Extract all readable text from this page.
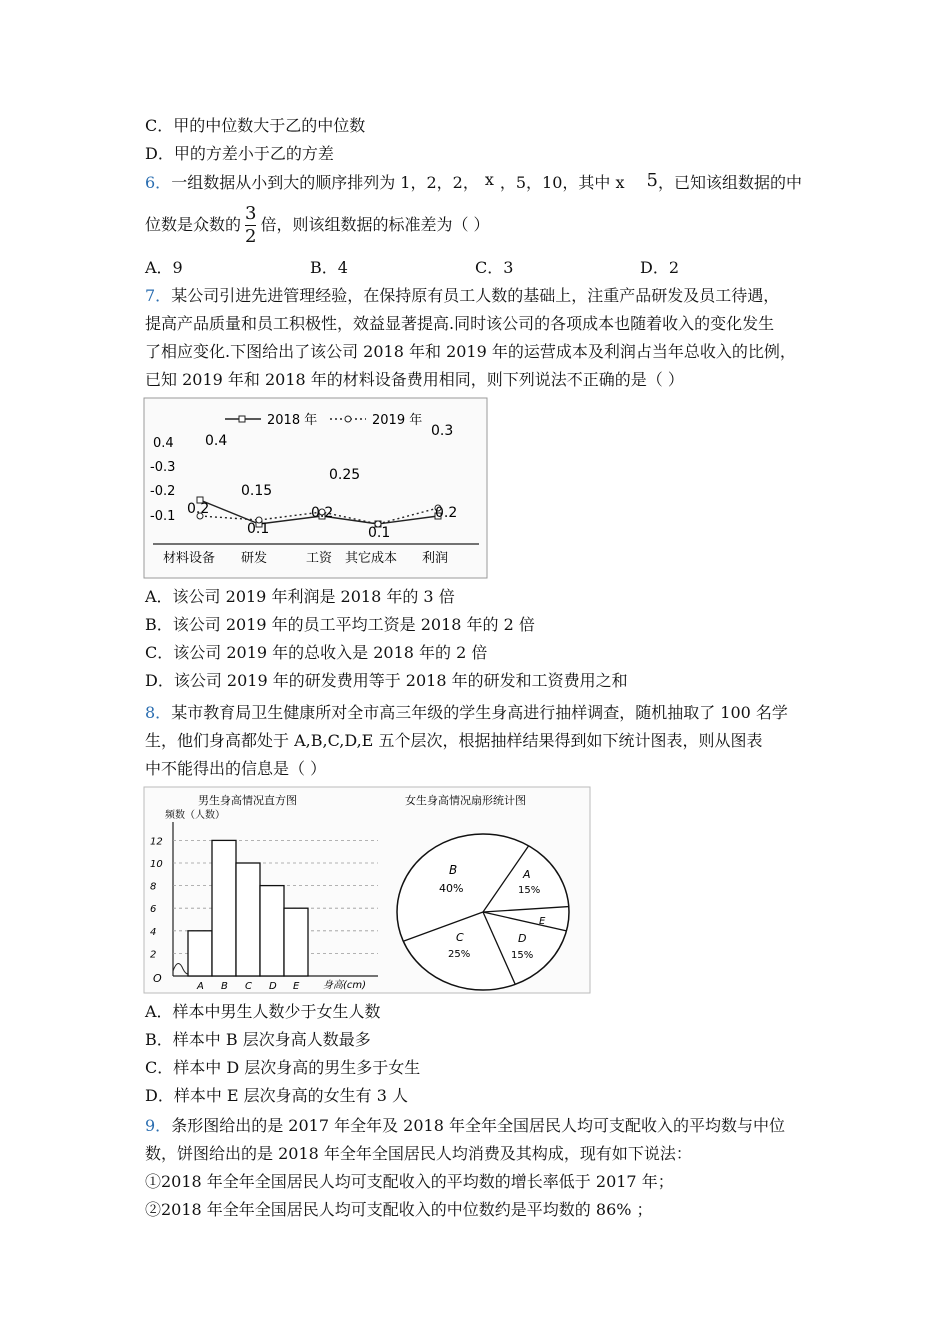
C．甲的中位数大于乙的中位数
D．甲的方差小于乙的方差
6．一组数据从小到大的顺序排列为 1，2，2， x ，5，10，其中 x 5，已知该组数据的中
位数是众数的 $\frac{3}{2}$ 倍，则该组数据的标准差为（ ）
A．9	B．4	C．3	D．2
7．某公司引进先进管理经验，在保持原有员工人数的基础上，注重产品研发及员工待遇，
提高产品质量和员工积极性，效益显著提高.同时该公司的各项成本也随着收入的变化发生
了相应变化.下图给出了该公司 2018 年和 2019 年的运营成本及利润占当年总收入的比例，
已知 2019 年和 2018 年的材料设备费用相同，则下列说法不正确的是（ ）
2018 年	2019 年
0.4
-0.3
-0.2
-0.1
0.4
0.1
0.2
0.1
0.2
0.2
0.15
0.25
0.3
材料设备 研发	工资 其它成本 利润
A．该公司 2019 年利润是 2018 年的 3 倍
B．该公司 2019 年的员工平均工资是 2018 年的 2 倍
C．该公司 2019 年的总收入是 2018 年的 2 倍
D．该公司 2019 年的研发费用等于 2018 年的研发和工资费用之和
8．某市教育局卫生健康所对全市高三年级的学生身高进行抽样调查，随机抽取了 100 名学
生，他们身高都处于 A,B,C,D,E 五个层次，根据抽样结果得到如下统计图表，则从图表
中不能得出的信息是（ ）
男生身高情况直方图
频数（人数）
O
2
4
6
8
10
12
A B C D E 身高(cm)
女生身高情况扇形统计图
B
40%
A
15%
E
D
15%
C
25%
A．样本中男生人数少于女生人数
B．样本中 B 层次身高人数最多
C．样本中 D 层次身高的男生多于女生
D．样本中 E 层次身高的女生有 3 人
9．条形图给出的是 2017 年全年及 2018 年全年全国居民人均可支配收入的平均数与中位
数，饼图给出的是 2018 年全年全国居民人均消费及其构成，现有如下说法：
①2018 年全年全国居民人均可支配收入的平均数的增长率低于 2017 年；
②2018 年全年全国居民人均可支配收入的中位数约是平均数的 86% ；
